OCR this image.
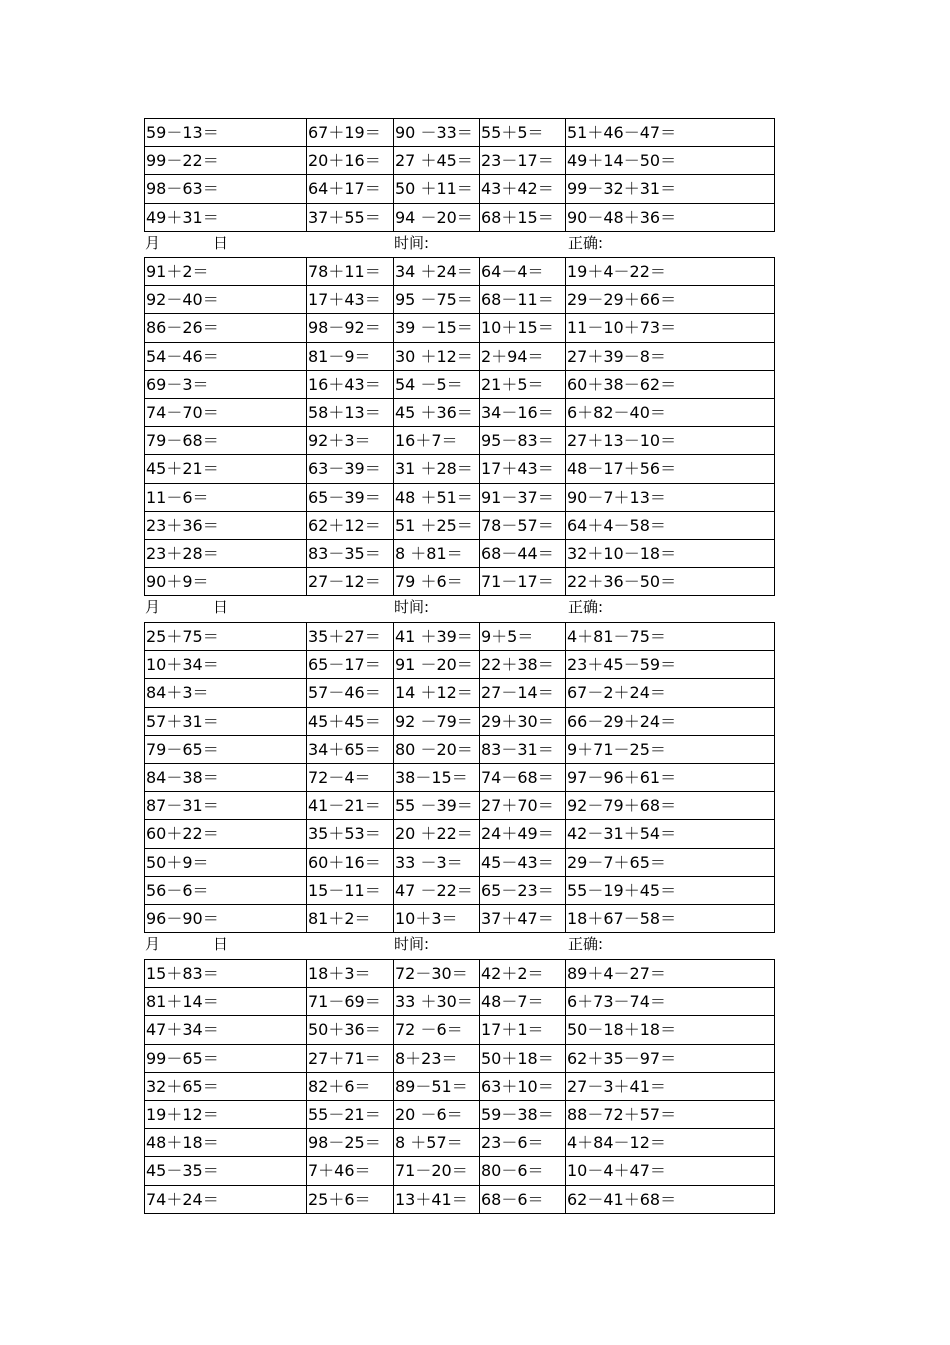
59－13＝	67＋19＝	90 －33＝	55＋5＝	51＋46－47＝
99－22＝	20＋16＝	27 ＋45＝	23－17＝	49＋14－50＝
98－63＝	64＋17＝	50 ＋11＝	43＋42＝	99－32＋31＝
49＋31＝	37＋55＝	94 －20＝	68＋15＝	90－48＋36＝
月	日	时间:	正确:
91＋2＝	78＋11＝	34 ＋24＝	64－4＝	19＋4－22＝
92－40＝	17＋43＝	95 －75＝	68－11＝	29－29＋66＝
86－26＝	98－92＝	39 －15＝	10＋15＝	11－10＋73＝
54－46＝	81－9＝	30 ＋12＝	2＋94＝	27＋39－8＝
69－3＝	16＋43＝	54 －5＝	21＋5＝	60＋38－62＝
74－70＝	58＋13＝	45 ＋36＝	34－16＝	6＋82－40＝
79－68＝	92＋3＝	16＋7＝	95－83＝	27＋13－10＝
45＋21＝	63－39＝	31 ＋28＝	17＋43＝	48－17＋56＝
11－6＝	65－39＝	48 ＋51＝	91－37＝	90－7＋13＝
23＋36＝	62＋12＝	51 ＋25＝	78－57＝	64＋4－58＝
23＋28＝	83－35＝	8 ＋81＝	68－44＝	32＋10－18＝
90＋9＝	27－12＝	79 ＋6＝	71－17＝	22＋36－50＝
月	日	时间:	正确:
25＋75＝	35＋27＝	41 ＋39＝	9＋5＝	4＋81－75＝
10＋34＝	65－17＝	91 －20＝	22＋38＝	23＋45－59＝
84＋3＝	57－46＝	14 ＋12＝	27－14＝	67－2＋24＝
57＋31＝	45＋45＝	92 －79＝	29＋30＝	66－29＋24＝
79－65＝	34＋65＝	80 －20＝	83－31＝	9＋71－25＝
84－38＝	72－4＝	38－15＝	74－68＝	97－96＋61＝
87－31＝	41－21＝	55 －39＝	27＋70＝	92－79＋68＝
60＋22＝	35＋53＝	20 ＋22＝	24＋49＝	42－31＋54＝
50＋9＝	60＋16＝	33 －3＝	45－43＝	29－7＋65＝
56－6＝	15－11＝	47 －22＝	65－23＝	55－19＋45＝
96－90＝	81＋2＝	10＋3＝	37＋47＝	18＋67－58＝
月	日	时间:	正确:
15＋83＝	18＋3＝	72－30＝	42＋2＝	89＋4－27＝
81＋14＝	71－69＝	33 ＋30＝	48－7＝	6＋73－74＝
47＋34＝	50＋36＝	72 －6＝	17＋1＝	50－18＋18＝
99－65＝	27＋71＝	8＋23＝	50＋18＝	62＋35－97＝
32＋65＝	82＋6＝	89－51＝	63＋10＝	27－3＋41＝
19＋12＝	55－21＝	20 －6＝	59－38＝	88－72＋57＝
48＋18＝	98－25＝	8 ＋57＝	23－6＝	4＋84－12＝
45－35＝	7＋46＝	71－20＝	80－6＝	10－4＋47＝
74＋24＝	25＋6＝	13＋41＝	68－6＝	62－41＋68＝
